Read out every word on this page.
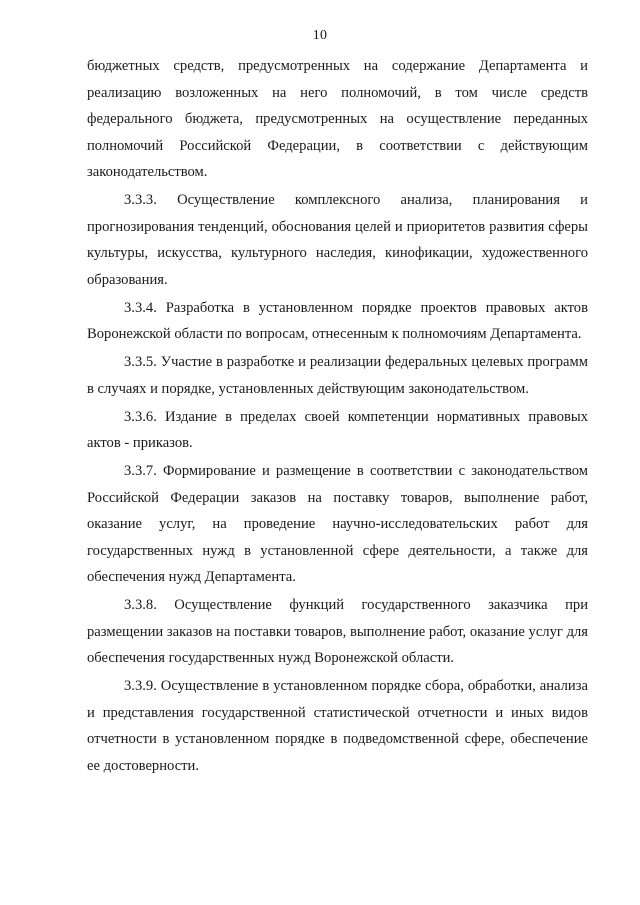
10

бюджетных средств, предусмотренных на содержание Департамента и реализацию возложенных на него полномочий, в том числе средств федерального бюджета, предусмотренных на осуществление переданных полномочий Российской Федерации, в соответствии с действующим законодательством.

3.3.3. Осуществление комплексного анализа, планирования и прогнозирования тенденций, обоснования целей и приоритетов развития сферы культуры, искусства, культурного наследия, кинофикации, художественного образования.

3.3.4. Разработка в установленном порядке проектов правовых актов Воронежской области по вопросам, отнесенным к полномочиям Департамента.

3.3.5. Участие в разработке и реализации федеральных целевых программ в случаях и порядке, установленных действующим законодательством.

3.3.6. Издание в пределах своей компетенции нормативных правовых актов - приказов.

3.3.7. Формирование и размещение в соответствии с законодательством Российской Федерации заказов на поставку товаров, выполнение работ, оказание услуг, на проведение научно-исследовательских работ для государственных нужд в установленной сфере деятельности, а также для обеспечения нужд Департамента.

3.3.8. Осуществление функций государственного заказчика при размещении заказов на поставки товаров, выполнение работ, оказание услуг для обеспечения государственных нужд Воронежской области.

3.3.9. Осуществление в установленном порядке сбора, обработки, анализа и представления государственной статистической отчетности и иных видов отчетности в установленном порядке в подведомственной сфере, обеспечение ее достоверности.
